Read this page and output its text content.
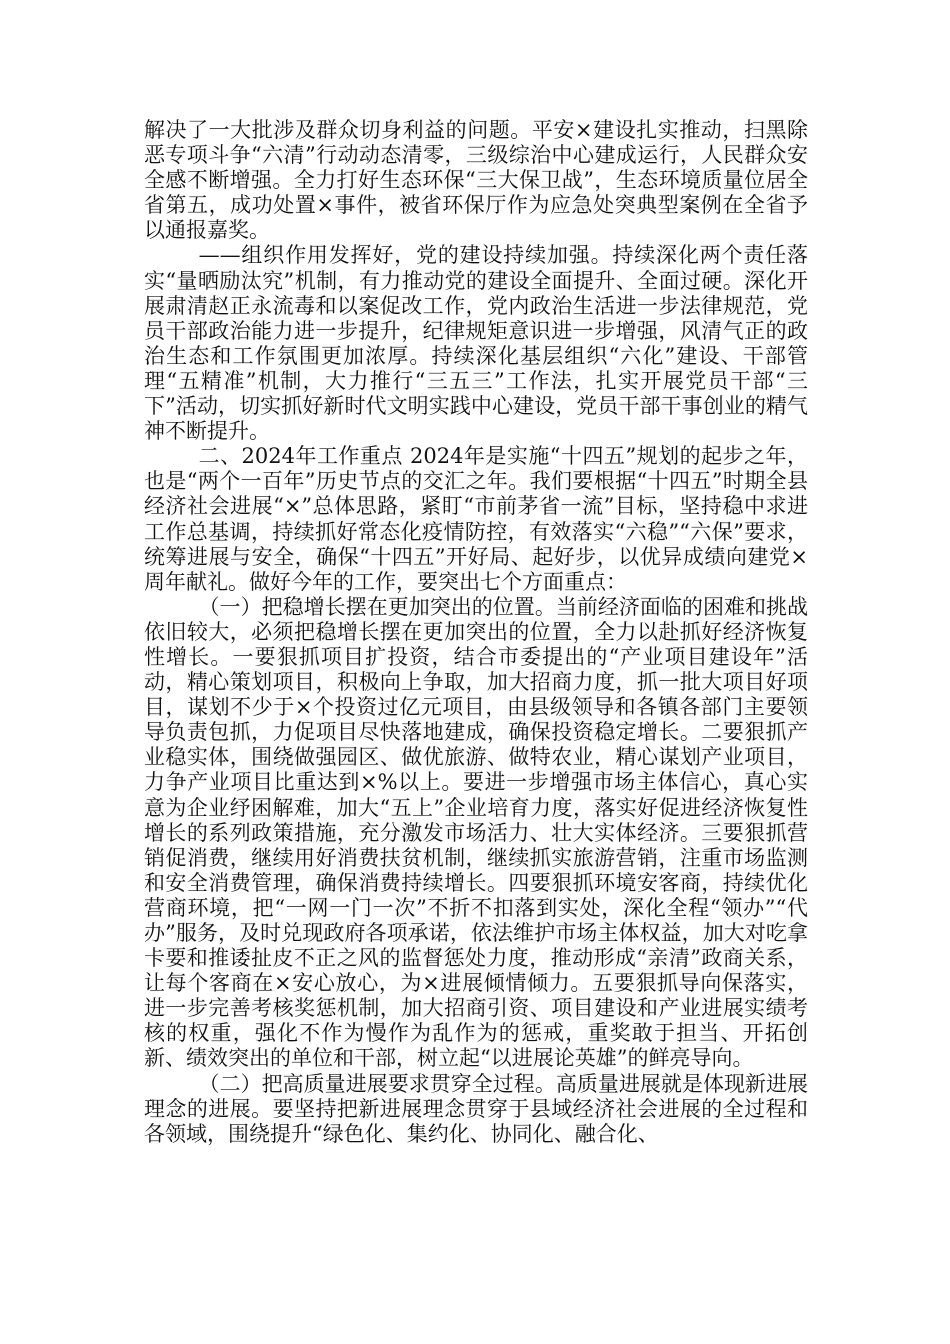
解决了一大批涉及群众切身利益的问题。平安×建设扎实推动，扫黑除恶专项斗争“六清”行动动态清零，三级综治中心建成运行，人民群众安全感不断增强。全力打好生态环保“三大保卫战”，生态环境质量位居全省第五，成功处置×事件，被省环保厅作为应急处突典型案例在全省予以通报嘉奖。

——组织作用发挥好，党的建设持续加强。持续深化两个责任落实“量晒励汰究”机制，有力推动党的建设全面提升、全面过硬。深化开展肃清赵正永流毒和以案促改工作，党内政治生活进一步法律规范，党员干部政治能力进一步提升，纪律规矩意识进一步增强，风清气正的政治生态和工作氛围更加浓厚。持续深化基层组织“六化”建设、干部管理“五精准”机制，大力推行“三五三”工作法，扎实开展党员干部“三下”活动，切实抓好新时代文明实践中心建设，党员干部干事创业的精气神不断提升。

二、2024年工作重点 2024年是实施“十四五”规划的起步之年，也是“两个一百年”历史节点的交汇之年。我们要根据“十四五”时期全县经济社会进展“×”总体思路，紧盯“市前茅省一流”目标，坚持稳中求进工作总基调，持续抓好常态化疫情防控，有效落实“六稳”“六保”要求，统筹进展与安全，确保“十四五”开好局、起好步，以优异成绩向建党×周年献礼。做好今年的工作，要突出七个方面重点：

（一）把稳增长摆在更加突出的位置。当前经济面临的困难和挑战依旧较大，必须把稳增长摆在更加突出的位置，全力以赴抓好经济恢复性增长。一要狠抓项目扩投资，结合市委提出的“产业项目建设年”活动，精心策划项目，积极向上争取，加大招商力度，抓一批大项目好项目，谋划不少于×个投资过亿元项目，由县级领导和各镇各部门主要领导负责包抓，力促项目尽快落地建成，确保投资稳定增长。二要狠抓产业稳实体，围绕做强园区、做优旅游、做特农业，精心谋划产业项目，力争产业项目比重达到×%以上。要进一步增强市场主体信心，真心实意为企业纾困解难，加大“五上”企业培育力度，落实好促进经济恢复性增长的系列政策措施，充分激发市场活力、壮大实体经济。三要狠抓营销促消费，继续用好消费扶贫机制，继续抓实旅游营销，注重市场监测和安全消费管理，确保消费持续增长。四要狠抓环境安客商，持续优化营商环境，把“一网一门一次”不折不扣落到实处，深化全程“领办”“代办”服务，及时兑现政府各项承诺，依法维护市场主体权益，加大对吃拿卡要和推诿扯皮不正之风的监督惩处力度，推动形成“亲清”政商关系，让每个客商在×安心放心，为×进展倾情倾力。五要狠抓导向保落实，进一步完善考核奖惩机制，加大招商引资、项目建设和产业进展实绩考核的权重，强化不作为慢作为乱作为的惩戒，重奖敢于担当、开拓创新、绩效突出的单位和干部，树立起“以进展论英雄”的鲜亮导向。

（二）把高质量进展要求贯穿全过程。高质量进展就是体现新进展理念的进展。要坚持把新进展理念贯穿于县域经济社会进展的全过程和各领域，围绕提升“绿色化、集约化、协同化、融合化、
